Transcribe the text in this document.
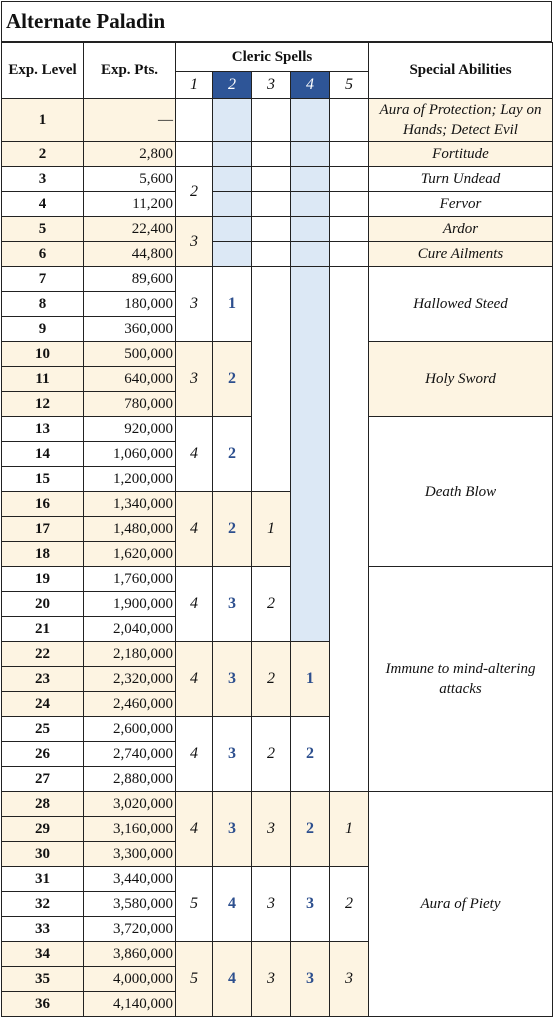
Alternate Paladin
Exp. Level	Exp. Pts.	Cleric Spells					Special Abilities
		1	2	3	4	5	
1	—						Aura of Protection; Lay on Hands; Detect Evil
2	2,800						Fortitude
3	5,600	2					Turn Undead
4	11,200						Fervor
5	22,400	3					Ardor
6	44,800						Cure Ailments
7	89,600	3	1				Hallowed Steed
8	180,000						
9	360,000						
10	500,000	3	2				Holy Sword
11	640,000						
12	780,000						
13	920,000	4	2				Death Blow
14	1,060,000						
15	1,200,000						
16	1,340,000	4	2	1			
17	1,480,000						
18	1,620,000						
19	1,760,000	4	3	2			Immune to mind-altering attacks
20	1,900,000						
21	2,040,000						
22	2,180,000	4	3	2	1		
23	2,320,000						
24	2,460,000						
25	2,600,000	4	3	2	2		
26	2,740,000						
27	2,880,000						
28	3,020,000	4	3	3	2	1	Aura of Piety
29	3,160,000						
30	3,300,000						
31	3,440,000	5	4	3	3	2	
32	3,580,000						
33	3,720,000						
34	3,860,000	5	4	3	3	3	
35	4,000,000						
36	4,140,000						
